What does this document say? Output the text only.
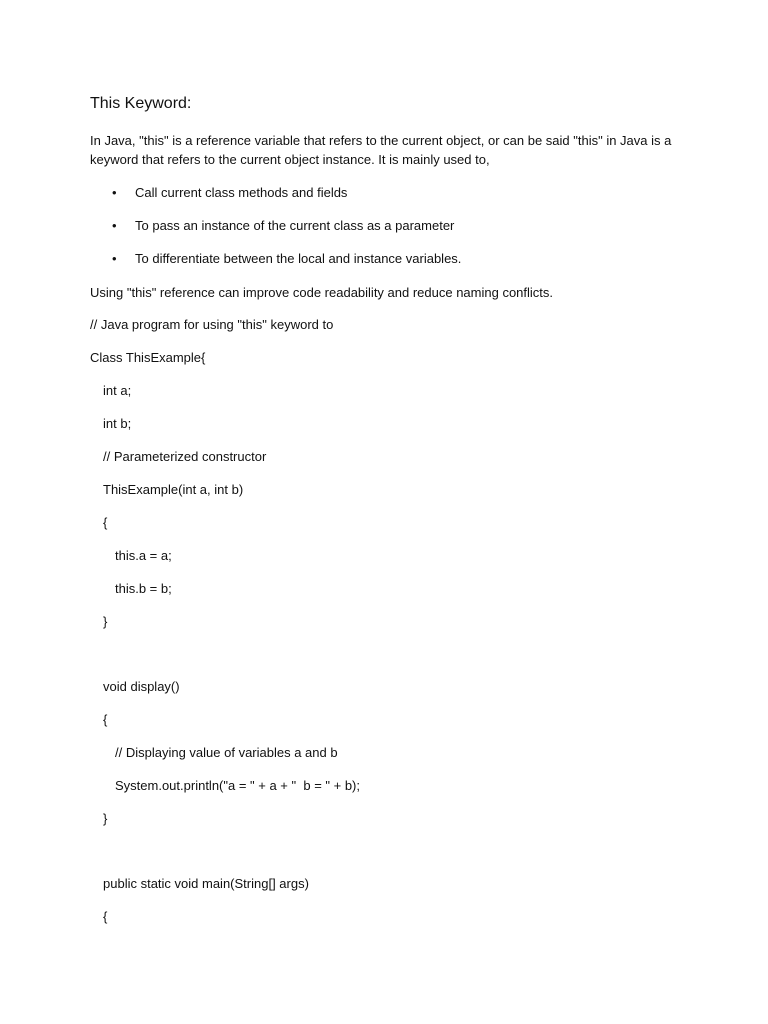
This Keyword:

In Java, "this" is a reference variable that refers to the current object, or can be said "this" in Java is a keyword that refers to the current object instance. It is mainly used to,

• Call current class methods and fields
• To pass an instance of the current class as a parameter
• To differentiate between the local and instance variables.

Using "this" reference can improve code readability and reduce naming conflicts.

// Java program for using "this" keyword to

Class ThisExample{

int a;

int b;

// Parameterized constructor

ThisExample(int a, int b)

{

this.a = a;

this.b = b;

}

void display()

{

// Displaying value of variables a and b

System.out.println("a = " + a + "  b = " + b);

}

public static void main(String[] args)

{
